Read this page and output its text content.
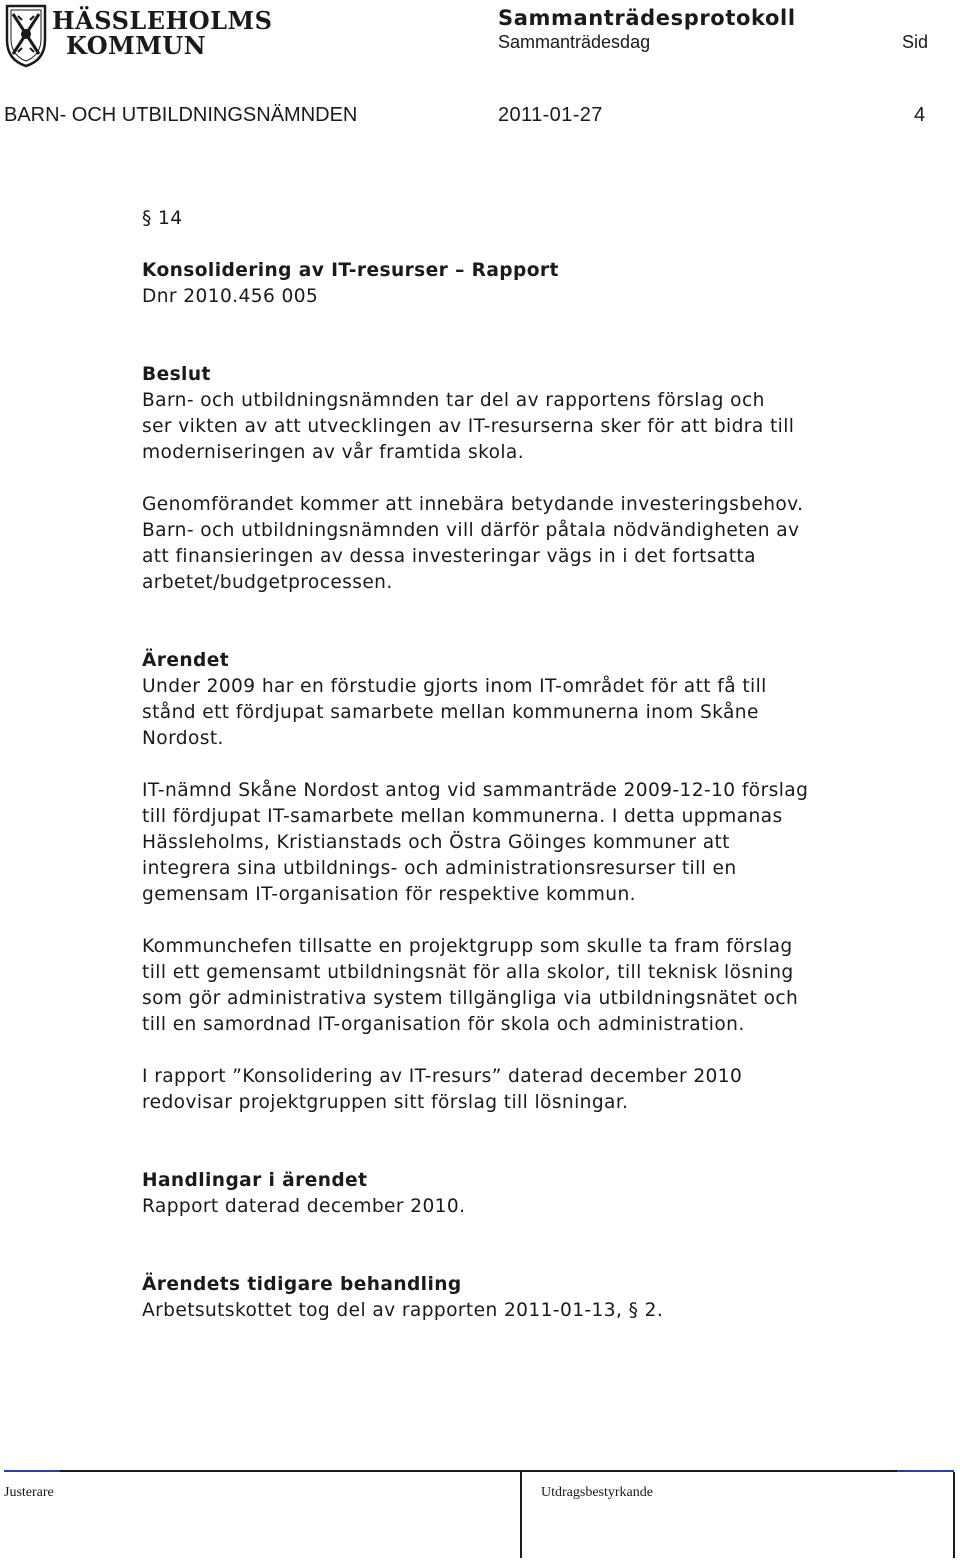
HÄSSLEHOLMS
KOMMUN
Sammanträdesprotokoll
Sammanträdesdag	Sid
BARN- OCH UTBILDNINGSNÄMNDEN	2011-01-27	4

§ 14

Konsolidering av IT-resurser – Rapport

Dnr 2010.456 005

Beslut

Barn- och utbildningsnämnden tar del av rapportens förslag och
ser vikten av att utvecklingen av IT-resurserna sker för att bidra till
moderniseringen av vår framtida skola.

Genomförandet kommer att innebära betydande investeringsbehov.
Barn- och utbildningsnämnden vill därför påtala nödvändigheten av
att finansieringen av dessa investeringar vägs in i det fortsatta
arbetet/budgetprocessen.

Ärendet

Under 2009 har en förstudie gjorts inom IT-området för att få till
stånd ett fördjupat samarbete mellan kommunerna inom Skåne
Nordost.

IT-nämnd Skåne Nordost antog vid sammanträde 2009-12-10 förslag
till fördjupat IT-samarbete mellan kommunerna. I detta uppmanas
Hässleholms, Kristianstads och Östra Göinges kommuner att
integrera sina utbildnings- och administrationsresurser till en
gemensam IT-organisation för respektive kommun.

Kommunchefen tillsatte en projektgrupp som skulle ta fram förslag
till ett gemensamt utbildningsnät för alla skolor, till teknisk lösning
som gör administrativa system tillgängliga via utbildningsnätet och
till en samordnad IT-organisation för skola och administration.

I rapport ”Konsolidering av IT-resurs” daterad december 2010
redovisar projektgruppen sitt förslag till lösningar.

Handlingar i ärendet

Rapport daterad december 2010.

Ärendets tidigare behandling

Arbetsutskottet tog del av rapporten 2011-01-13, § 2.

Justerare	Utdragsbestyrkande
